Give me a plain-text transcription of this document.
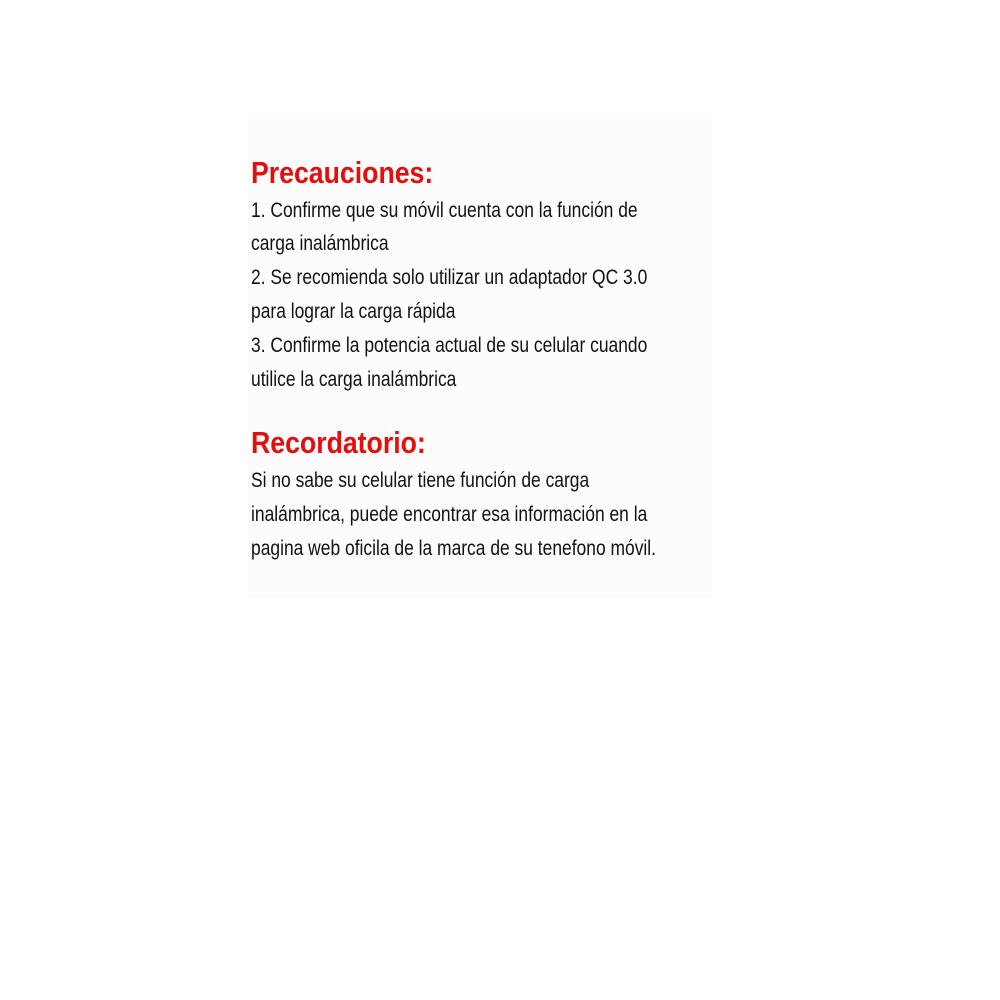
Precauciones:

1. Confirme que su móvil cuenta con la función de

carga inalámbrica

2. Se recomienda solo utilizar un adaptador QC 3.0

para lograr la carga rápida

3. Confirme la potencia actual de su celular cuando

utilice la carga inalámbrica

Recordatorio:

Si no sabe su celular tiene función de carga

inalámbrica, puede encontrar esa información en la

pagina web oficila de la marca de su tenefono móvil.
